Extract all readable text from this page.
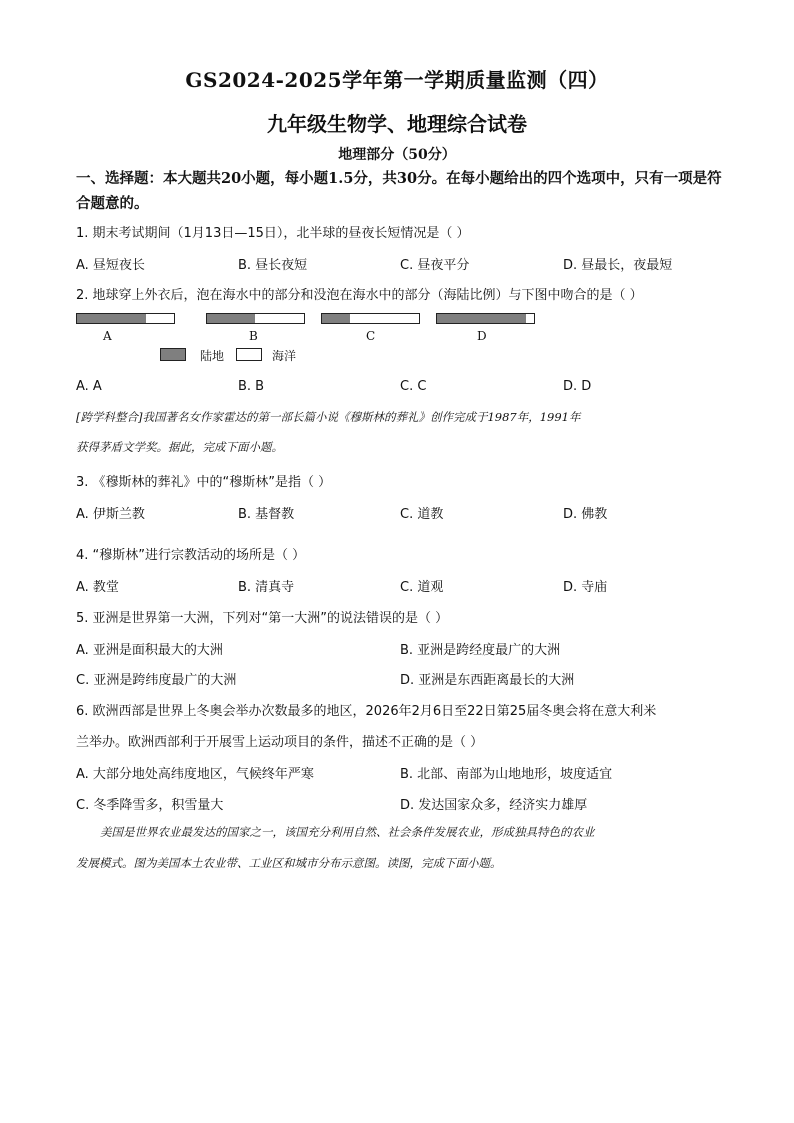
GS2024-2025学年第一学期质量监测（四）
九年级生物学、地理综合试卷
地理部分（50分）
一、选择题：本大题共20小题，每小题1.5分，共30分。在每小题给出的四个选项中，只有一项是符合题意的。
1. 期末考试期间（1月13日—15日），北半球的昼夜长短情况是（ ）
A. 昼短夜长	B. 昼长夜短	C. 昼夜平分	D. 昼最长，夜最短
2. 地球穿上外衣后，泡在海水中的部分和没泡在海水中的部分（海陆比例）与下图中吻合的是（ ）
A	B	C	D
陆地	海洋
A. A	B. B	C. C	D. D
[跨学科整合]我国著名女作家霍达的第一部长篇小说《穆斯林的葬礼》创作完成于1987年，1991年
获得茅盾文学奖。据此，完成下面小题。
3. 《穆斯林的葬礼》中的“穆斯林”是指（ ）
A. 伊斯兰教	B. 基督教	C. 道教	D. 佛教
4. “穆斯林”进行宗教活动的场所是（ ）
A. 教堂	B. 清真寺	C. 道观	D. 寺庙
5. 亚洲是世界第一大洲，下列对“第一大洲”的说法错误的是（ ）
A. 亚洲是面积最大的大洲	B. 亚洲是跨经度最广的大洲
C. 亚洲是跨纬度最广的大洲	D. 亚洲是东西距离最长的大洲
6. 欧洲西部是世界上冬奥会举办次数最多的地区，2026年2月6日至22日第25届冬奥会将在意大利米
兰举办。欧洲西部利于开展雪上运动项目的条件，描述不正确的是（ ）
A. 大部分地处高纬度地区，气候终年严寒	B. 北部、南部为山地地形，坡度适宜
C. 冬季降雪多，积雪量大	D. 发达国家众多，经济实力雄厚
美国是世界农业最发达的国家之一，该国充分利用自然、社会条件发展农业，形成独具特色的农业
发展模式。图为美国本土农业带、工业区和城市分布示意图。读图，完成下面小题。
